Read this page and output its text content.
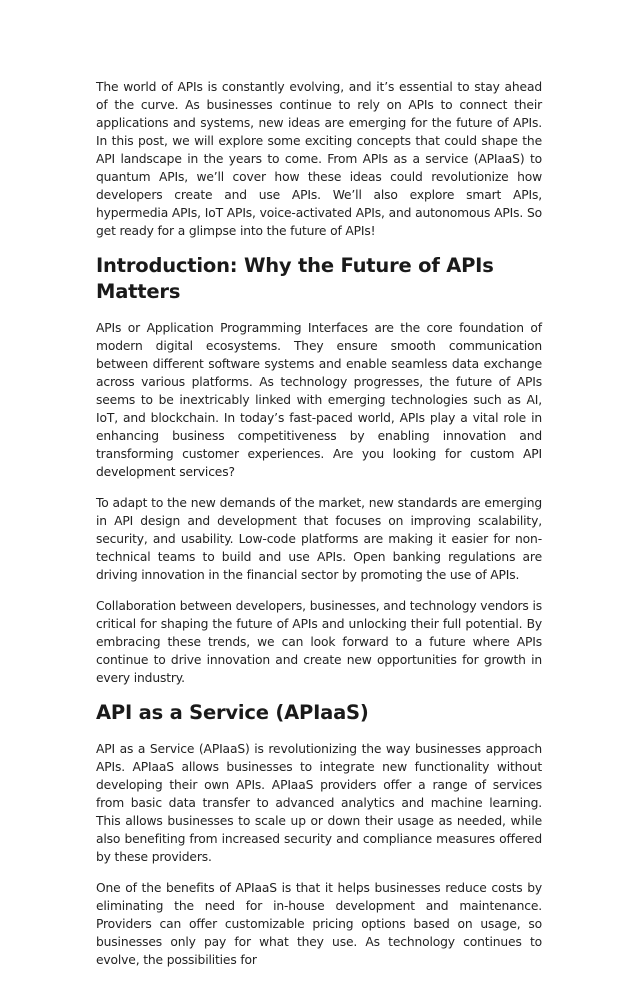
The world of APIs is constantly evolving, and it’s essential to stay ahead of the curve. As businesses continue to rely on APIs to connect their applications and systems, new ideas are emerging for the future of APIs. In this post, we will explore some exciting concepts that could shape the API landscape in the years to come. From APIs as a service (APIaaS) to quantum APIs, we’ll cover how these ideas could revolutionize how developers create and use APIs. We’ll also explore smart APIs, hypermedia APIs, IoT APIs, voice-activated APIs, and autonomous APIs. So get ready for a glimpse into the future of APIs!

Introduction: Why the Future of APIs Matters

APIs or Application Programming Interfaces are the core foundation of modern digital ecosystems. They ensure smooth communication between different software systems and enable seamless data exchange across various platforms. As technology progresses, the future of APIs seems to be inextricably linked with emerging technologies such as AI, IoT, and blockchain. In today’s fast-paced world, APIs play a vital role in enhancing business competitiveness by enabling innovation and transforming customer experiences. Are you looking for custom API development services?

To adapt to the new demands of the market, new standards are emerging in API design and development that focuses on improving scalability, security, and usability. Low-code platforms are making it easier for non-technical teams to build and use APIs. Open banking regulations are driving innovation in the financial sector by promoting the use of APIs.

Collaboration between developers, businesses, and technology vendors is critical for shaping the future of APIs and unlocking their full potential. By embracing these trends, we can look forward to a future where APIs continue to drive innovation and create new opportunities for growth in every industry.

API as a Service (APIaaS)

API as a Service (APIaaS) is revolutionizing the way businesses approach APIs. APIaaS allows businesses to integrate new functionality without developing their own APIs. APIaaS providers offer a range of services from basic data transfer to advanced analytics and machine learning. This allows businesses to scale up or down their usage as needed, while also benefiting from increased security and compliance measures offered by these providers.

One of the benefits of APIaaS is that it helps businesses reduce costs by eliminating the need for in-house development and maintenance. Providers can offer customizable pricing options based on usage, so businesses only pay for what they use. As technology continues to evolve, the possibilities for
